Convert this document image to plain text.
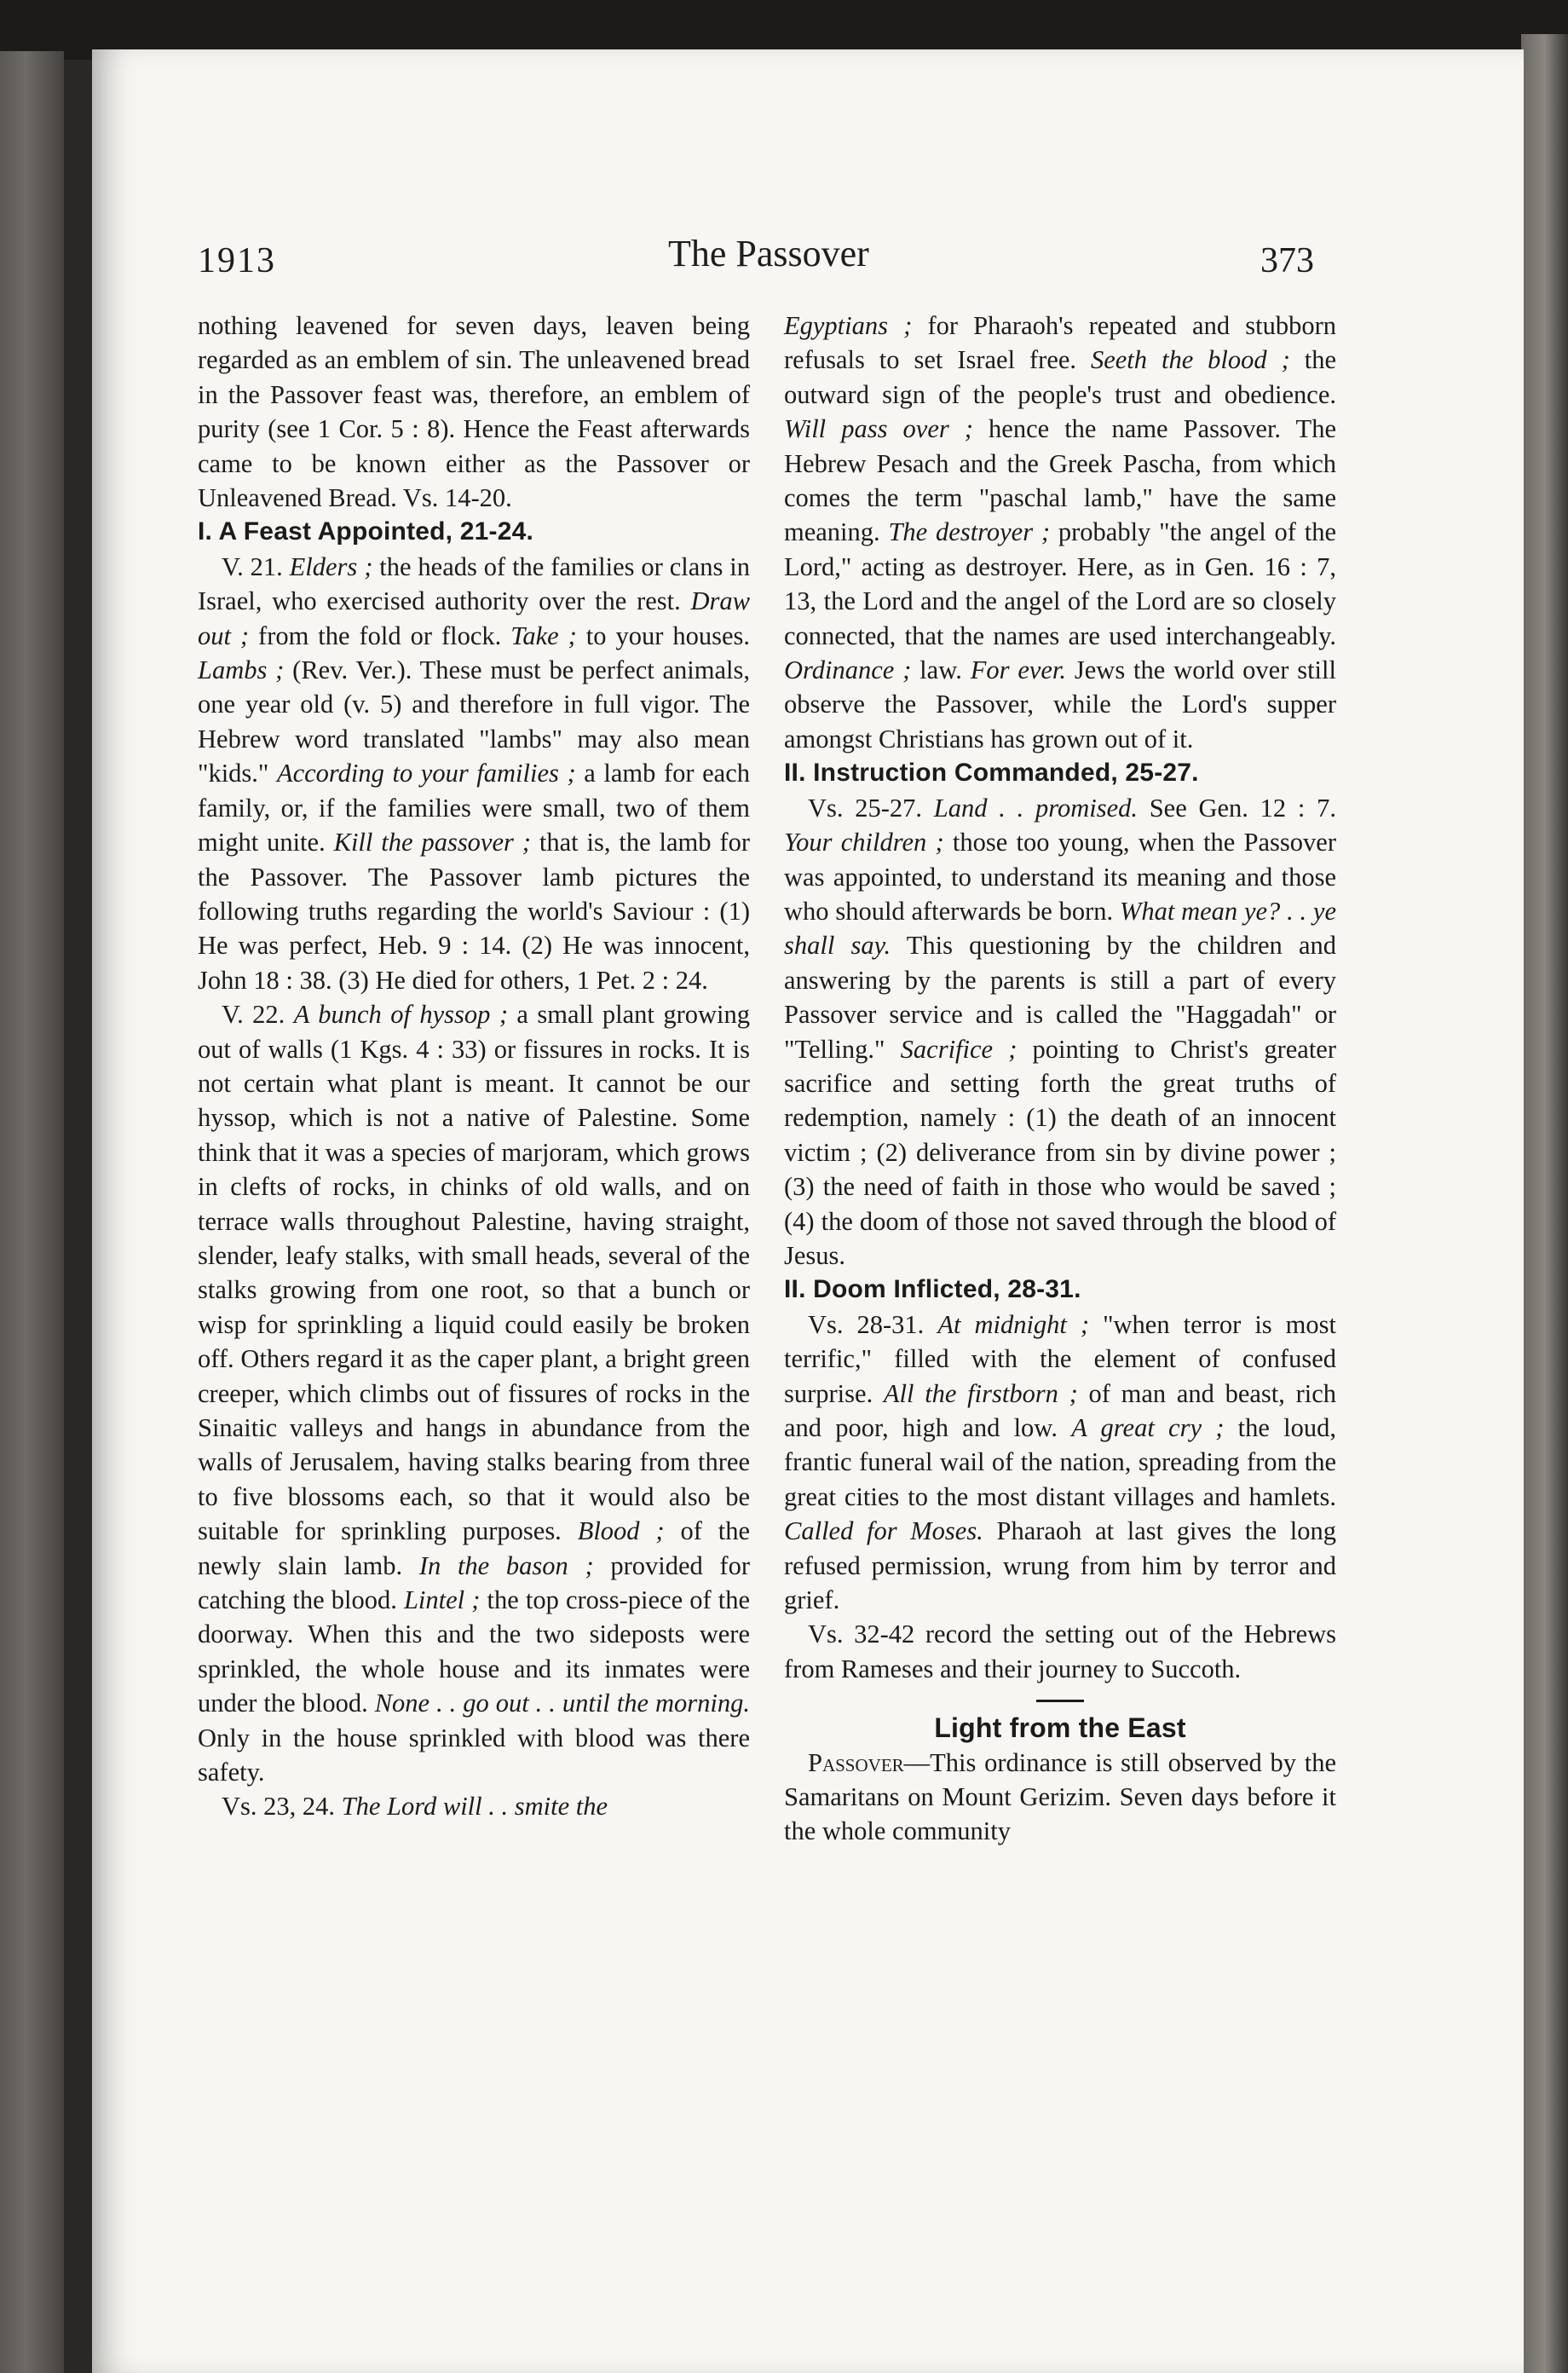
1913	The Passover	373

nothing leavened for seven days, leaven being regarded as an emblem of sin. The unleavened bread in the Passover feast was, therefore, an emblem of purity (see 1 Cor. 5 : 8). Hence the Feast afterwards came to be known either as the Passover or Unleavened Bread. Vs. 14-20.

I. A Feast Appointed, 21-24.

V. 21. Elders ; the heads of the families or clans in Israel, who exercised authority over the rest. Draw out ; from the fold or flock. Take ; to your houses. Lambs ; (Rev. Ver.). These must be perfect animals, one year old (v. 5) and therefore in full vigor. The Hebrew word translated "lambs" may also mean "kids." According to your families ; a lamb for each family, or, if the families were small, two of them might unite. Kill the passover ; that is, the lamb for the Passover. The Passover lamb pictures the following truths regarding the world's Saviour : (1) He was perfect, Heb. 9 : 14. (2) He was innocent, John 18 : 38. (3) He died for others, 1 Pet. 2 : 24.

V. 22. A bunch of hyssop ; a small plant growing out of walls (1 Kgs. 4 : 33) or fissures in rocks. It is not certain what plant is meant. It cannot be our hyssop, which is not a native of Palestine. Some think that it was a species of marjoram, which grows in clefts of rocks, in chinks of old walls, and on terrace walls throughout Palestine, having straight, slender, leafy stalks, with small heads, several of the stalks growing from one root, so that a bunch or wisp for sprinkling a liquid could easily be broken off. Others regard it as the caper plant, a bright green creeper, which climbs out of fissures of rocks in the Sinaitic valleys and hangs in abundance from the walls of Jerusalem, having stalks bearing from three to five blossoms each, so that it would also be suitable for sprinkling purposes. Blood ; of the newly slain lamb. In the bason ; provided for catching the blood. Lintel ; the top cross-piece of the doorway. When this and the two sideposts were sprinkled, the whole house and its inmates were under the blood. None . . go out . . until the morning. Only in the house sprinkled with blood was there safety.

Vs. 23, 24. The Lord will . . smite the

Egyptians ; for Pharaoh's repeated and stubborn refusals to set Israel free. Seeth the blood ; the outward sign of the people's trust and obedience. Will pass over ; hence the name Passover. The Hebrew Pesach and the Greek Pascha, from which comes the term "paschal lamb," have the same meaning. The destroyer ; probably "the angel of the Lord," acting as destroyer. Here, as in Gen. 16 : 7, 13, the Lord and the angel of the Lord are so closely connected, that the names are used interchangeably. Ordinance ; law. For ever. Jews the world over still observe the Passover, while the Lord's supper amongst Christians has grown out of it.

II. Instruction Commanded, 25-27.

Vs. 25-27. Land . . promised. See Gen. 12 : 7. Your children ; those too young, when the Passover was appointed, to understand its meaning and those who should afterwards be born. What mean ye? . . ye shall say. This questioning by the children and answering by the parents is still a part of every Passover service and is called the "Haggadah" or "Telling." Sacrifice ; pointing to Christ's greater sacrifice and setting forth the great truths of redemption, namely : (1) the death of an innocent victim ; (2) deliverance from sin by divine power ; (3) the need of faith in those who would be saved ; (4) the doom of those not saved through the blood of Jesus.

II. Doom Inflicted, 28-31.

Vs. 28-31. At midnight ; "when terror is most terrific," filled with the element of confused surprise. All the firstborn ; of man and beast, rich and poor, high and low. A great cry ; the loud, frantic funeral wail of the nation, spreading from the great cities to the most distant villages and hamlets. Called for Moses. Pharaoh at last gives the long refused permission, wrung from him by terror and grief.

Vs. 32-42 record the setting out of the Hebrews from Rameses and their journey to Succoth.

Light from the East

Passover—This ordinance is still observed by the Samaritans on Mount Gerizim. Seven days before it the whole community
